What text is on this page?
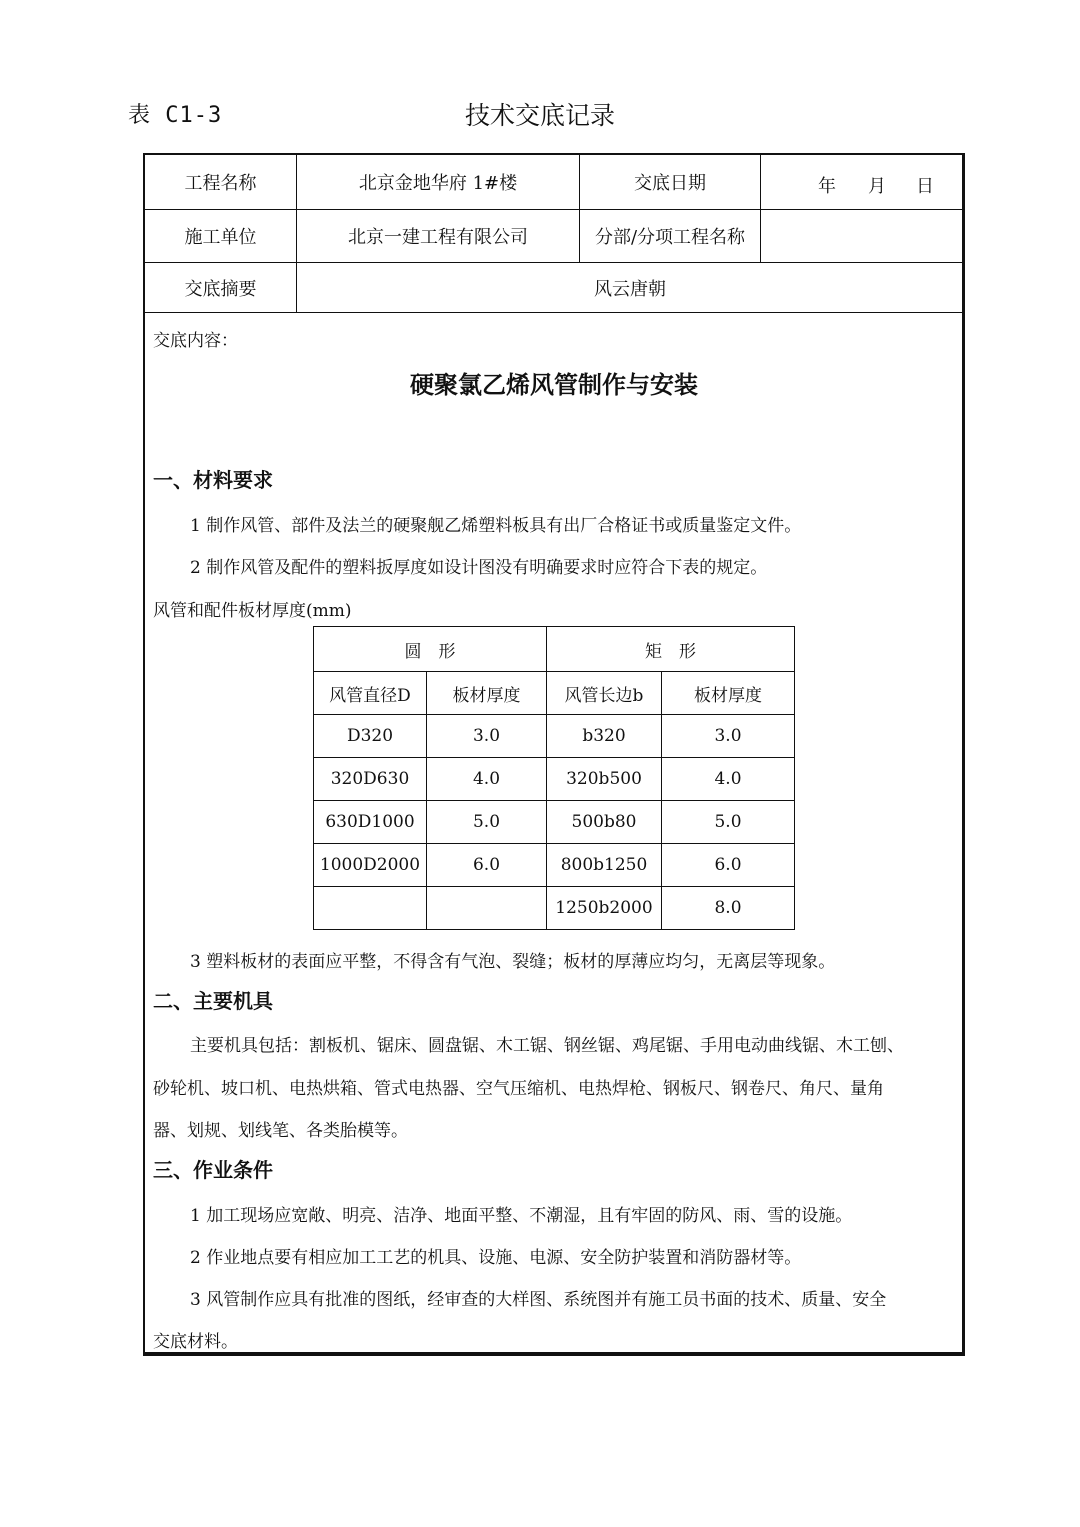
表 C1-3	技术交底记录
工程名称	北京金地华府 1#楼	交底日期	年 月 日
施工单位	北京一建工程有限公司	分部/分项工程名称
交底摘要	风云唐朝
交底内容：
硬聚氯乙烯风管制作与安装
一、材料要求
1 制作风管、部件及法兰的硬聚舰乙烯塑料板具有出厂合格证书或质量鉴定文件。
2 制作风管及配件的塑料扳厚度如设计图没有明确要求时应符合下表的规定。
风管和配件板材厚度(mm)
圆　形		矩　形	
风管直径D	板材厚度	风管长边b	板材厚度
D320	3.0	b320	3.0
320D630	4.0	320b500	4.0
630D1000	5.0	500b80	5.0
1000D2000	6.0	800b1250	6.0
		1250b2000	8.0
3 塑料板材的表面应平整，不得含有气泡、裂缝；板材的厚薄应均匀，无离层等现象。
二、主要机具
主要机具包括：割板机、锯床、圆盘锯、木工锯、钢丝锯、鸡尾锯、手用电动曲线锯、木工刨、
砂轮机、坡口机、电热烘箱、管式电热器、空气压缩机、电热焊枪、钢板尺、钢卷尺、角尺、量角
器、划规、划线笔、各类胎模等。
三、作业条件
1 加工现场应宽敞、明亮、洁净、地面平整、不潮湿，且有牢固的防风、雨、雪的设施。
2 作业地点要有相应加工工艺的机具、设施、电源、安全防护装置和消防器材等。
3 风管制作应具有批准的图纸，经审查的大样图、系统图并有施工员书面的技术、质量、安全
交底材料。
